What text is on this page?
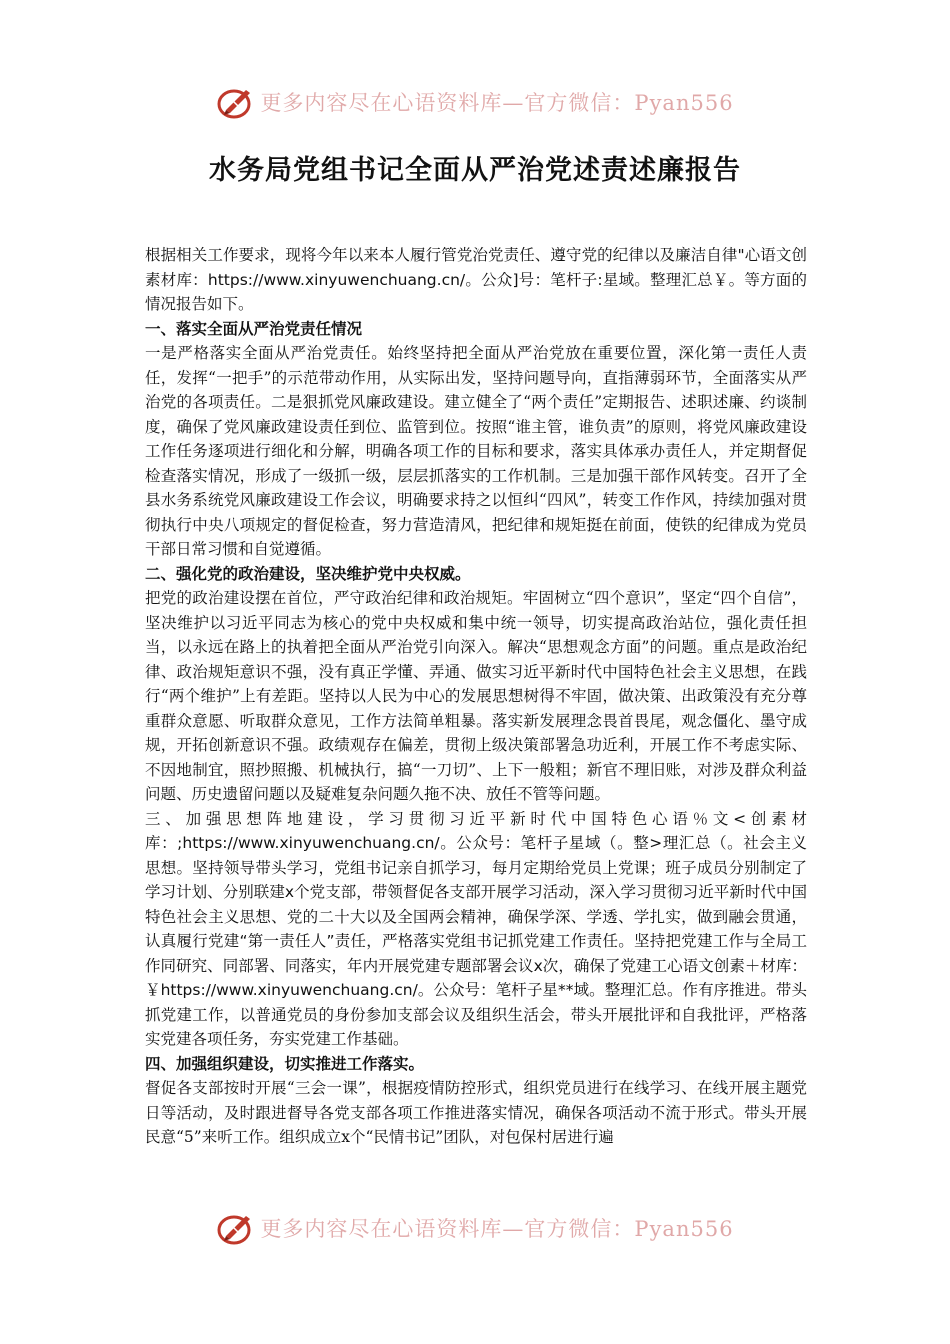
更多内容尽在心语资料库—官方微信：Pyan556
水务局党组书记全面从严治党述责述廉报告

根据相关工作要求，现将今年以来本人履行管党治党责任、遵守党的纪律以及廉洁自律"心语文创素材库：https://www.xinyuwenchuang.cn/。公众]号：笔杆子:星域。整理汇总￥。等方面的情况报告如下。

一、落实全面从严治党责任情况

一是严格落实全面从严治党责任。始终坚持把全面从严治党放在重要位置，深化第一责任人责任，发挥“一把手”的示范带动作用，从实际出发，坚持问题导向，直指薄弱环节，全面落实从严治党的各项责任。二是狠抓党风廉政建设。建立健全了“两个责任”定期报告、述职述廉、约谈制度，确保了党风廉政建设责任到位、监管到位。按照“谁主管，谁负责”的原则，将党风廉政建设工作任务逐项进行细化和分解，明确各项工作的目标和要求，落实具体承办责任人，并定期督促检查落实情况，形成了一级抓一级，层层抓落实的工作机制。三是加强干部作风转变。召开了全县水务系统党风廉政建设工作会议，明确要求持之以恒纠“四风”，转变工作作风，持续加强对贯彻执行中央八项规定的督促检查，努力营造清风，把纪律和规矩挺在前面，使铁的纪律成为党员干部日常习惯和自觉遵循。

二、强化党的政治建设，坚决维护党中央权威。

把党的政治建设摆在首位，严守政治纪律和政治规矩。牢固树立“四个意识”，坚定“四个自信”，坚决维护以习近平同志为核心的党中央权威和集中统一领导，切实提高政治站位，强化责任担当，以永远在路上的执着把全面从严治党引向深入。解决“思想观念方面”的问题。重点是政治纪律、政治规矩意识不强，没有真正学懂、弄通、做实习近平新时代中国特色社会主义思想，在践行“两个维护”上有差距。坚持以人民为中心的发展思想树得不牢固，做决策、出政策没有充分尊重群众意愿、听取群众意见，工作方法简单粗暴。落实新发展理念畏首畏尾，观念僵化、墨守成规，开拓创新意识不强。政绩观存在偏差，贯彻上级决策部署急功近利，开展工作不考虑实际、不因地制宜，照抄照搬、机械执行，搞“一刀切”、上下一般粗；新官不理旧账，对涉及群众利益问题、历史遗留问题以及疑难复杂问题久拖不决、放任不管等问题。

三、加强思想阵地建设，学习贯彻习近平新时代中国特色心语％文<创素材库：;https://www.xinyuwenchuang.cn/。公众号：笔杆子星域（。整>理汇总（。社会主义思想。坚持领导带头学习，党组书记亲自抓学习，每月定期给党员上党课；班子成员分别制定了学习计划、分别联建x个党支部，带领督促各支部开展学习活动，深入学习贯彻习近平新时代中国特色社会主义思想、党的二十大以及全国两会精神，确保学深、学透、学扎实，做到融会贯通，认真履行党建“第一责任人”责任，严格落实党组书记抓党建工作责任。坚持把党建工作与全局工作同研究、同部署、同落实，年内开展党建专题部署会议x次，确保了党建工心语文创素＋材库：￥https://www.xinyuwenchuang.cn/。公众号：笔杆子星**域。整理汇总。作有序推进。带头抓党建工作，以普通党员的身份参加支部会议及组织生活会，带头开展批评和自我批评，严格落实党建各项任务，夯实党建工作基础。

四、加强组织建设，切实推进工作落实。

督促各支部按时开展“三会一课”，根据疫情防控形式，组织党员进行在线学习、在线开展主题党日等活动，及时跟进督导各党支部各项工作推进落实情况，确保各项活动不流于形式。带头开展民意“5”来听工作。组织成立x个“民情书记”团队，对包保村居进行遍

更多内容尽在心语资料库—官方微信：Pyan556
